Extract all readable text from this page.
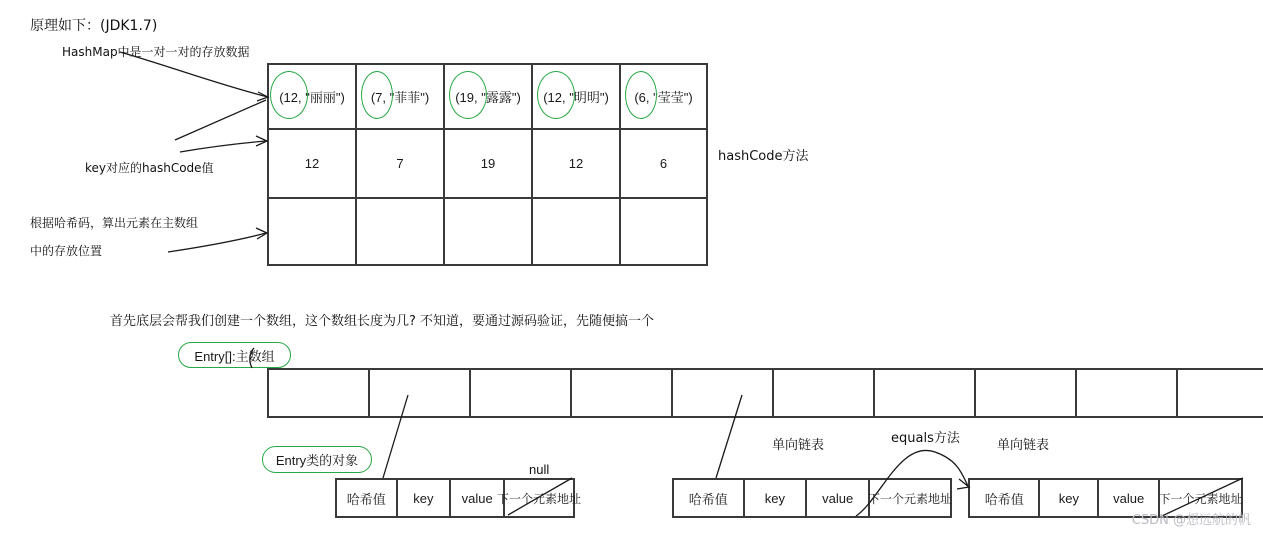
原理如下：(JDK1.7)
HashMap中是一对一对的存放数据
key对应的hashCode值
根据哈希码，算出元素在主数组
中的存放位置
hashCode方法
(12, "丽丽")	(7, "菲菲")	(19, "露露")	(12, "明明")	(6, "莹莹")
12	7	19	12	6
首先底层会帮我们创建一个数组，这个数组长度为几? 不知道，要通过源码验证，先随便搞一个
Entry[]:主数组
Entry类的对象
null
单向链表	equals方法	单向链表
哈希值	key	value 下一个元素地址	哈希值	key	value	下一个元素地址	哈希值	key	value	下一个元素地址
CSDN @想远航的帆
